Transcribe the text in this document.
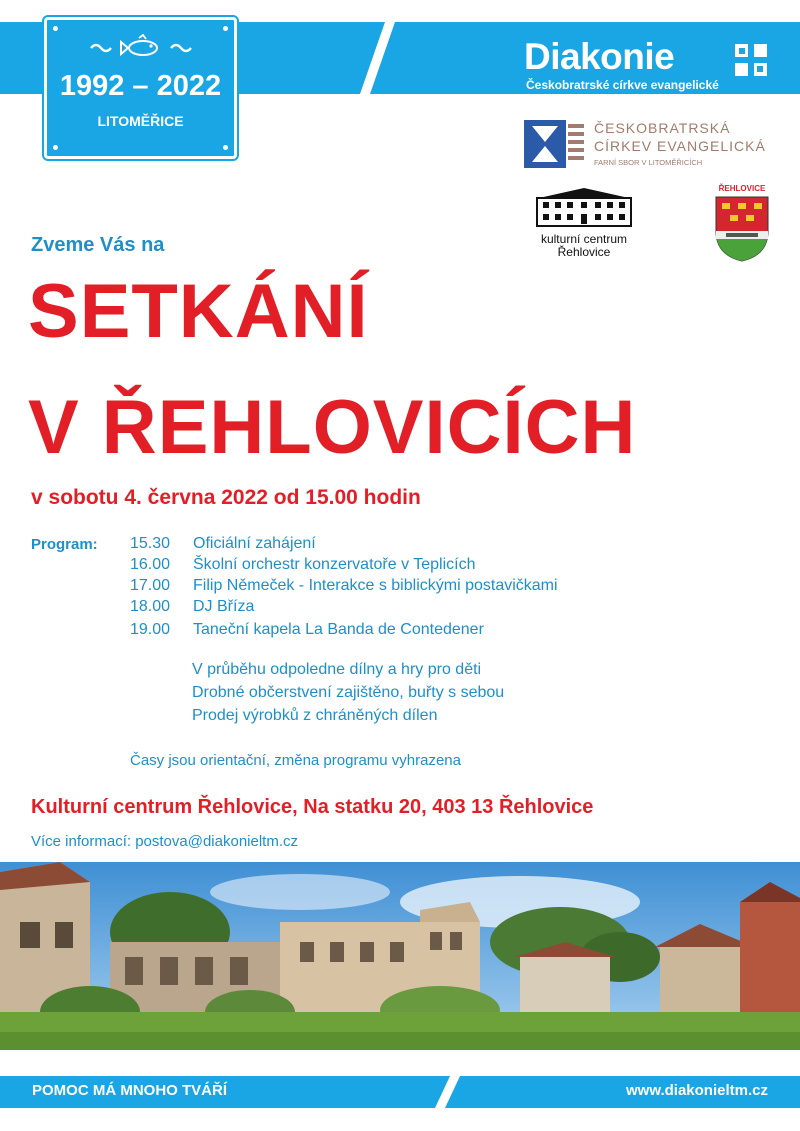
1992 – 2022
LITOMĚŘICE
Diakonie
Českobratrské církve evangelické
ČESKOBRATRSKÁ
CÍRKEV EVANGELICKÁ
FARNÍ SBOR V LITOMĚŘICÍCH
kulturní centrum
Řehlovice
ŘEHLOVICE
Zveme Vás na
SETKÁNÍ
V ŘEHLOVICÍCH
v sobotu 4. června 2022 od 15.00 hodin
Program: 15.30 Oficiální zahájení
16.00 Školní orchestr konzervatoře v Teplicích
17.00 Filip Němeček - Interakce s biblickými postavičkami
18.00 DJ Bříza
19.00 Taneční kapela La Banda de Contedener
V průběhu odpoledne dílny a hry pro děti
Drobné občerstvení zajištěno, buřty s sebou
Prodej výrobků z chráněných dílen
Časy jsou orientační, změna programu vyhrazena
Kulturní centrum Řehlovice, Na statku 20, 403 13 Řehlovice
Více informací: postova@diakonieltm.cz
POMOC MÁ MNOHO TVÁŘÍ	www.diakonieltm.cz
